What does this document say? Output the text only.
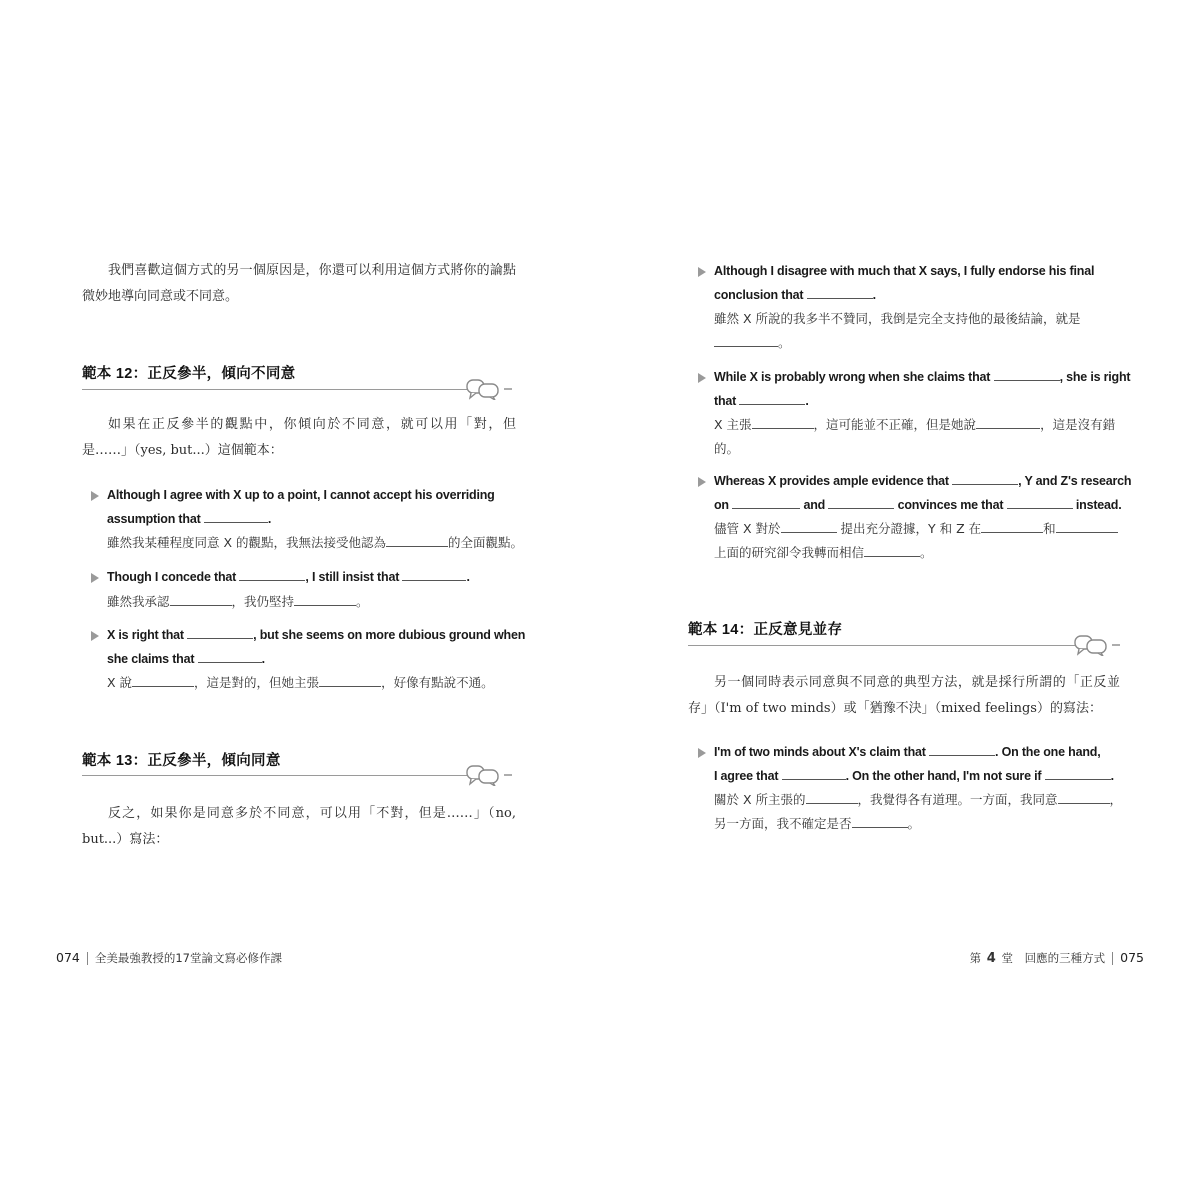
我們喜歡這個方式的另一個原因是，你還可以利用這個方式將你的論點微妙地導向同意或不同意。
範本 12：正反參半，傾向不同意
如果在正反參半的觀點中，你傾向於不同意，就可以用「對，但是……」（yes, but...）這個範本：
Although I agree with X up to a point, I cannot accept his overriding
assumption that	.
雖然我某種程度同意 X 的觀點，我無法接受他認為	的全面觀點。
Though I concede that	, I still insist that	.
雖然我承認	，我仍堅持	。
X is right that	, but she seems on more dubious ground when
she claims that	.
X 說	，這是對的，但她主張	，好像有點說不通。
範本 13：正反參半，傾向同意
反之，如果你是同意多於不同意，可以用「不對，但是……」（no, but...）寫法：
074 全美最強教授的17堂論文寫必修作課
Although I disagree with much that X says, I fully endorse his final
conclusion that	.
雖然 X 所說的我多半不贊同，我倒是完全支持他的最後結論，就是
。
While X is probably wrong when she claims that	, she is right
that	.
X 主張	，這可能並不正確，但是她說	，這是沒有錯
的。
Whereas X provides ample evidence that	, Y and Z's research
on	and	convinces me that	instead.
儘管 X 對於	提出充分證據，Y 和 Z 在	和
上面的研究卻令我轉而相信	。
範本 14：正反意見並存
另一個同時表示同意與不同意的典型方法，就是採行所謂的「正反並存」（I'm of two minds）或「猶豫不決」（mixed feelings）的寫法：
I'm of two minds about X's claim that	. On the one hand,
I agree that	. On the other hand, I'm not sure if	.
關於 X 所主張的	，我覺得各有道理。一方面，我同意	，
另一方面，我不確定是否	。
第 4 堂 回應的三種方式 075
